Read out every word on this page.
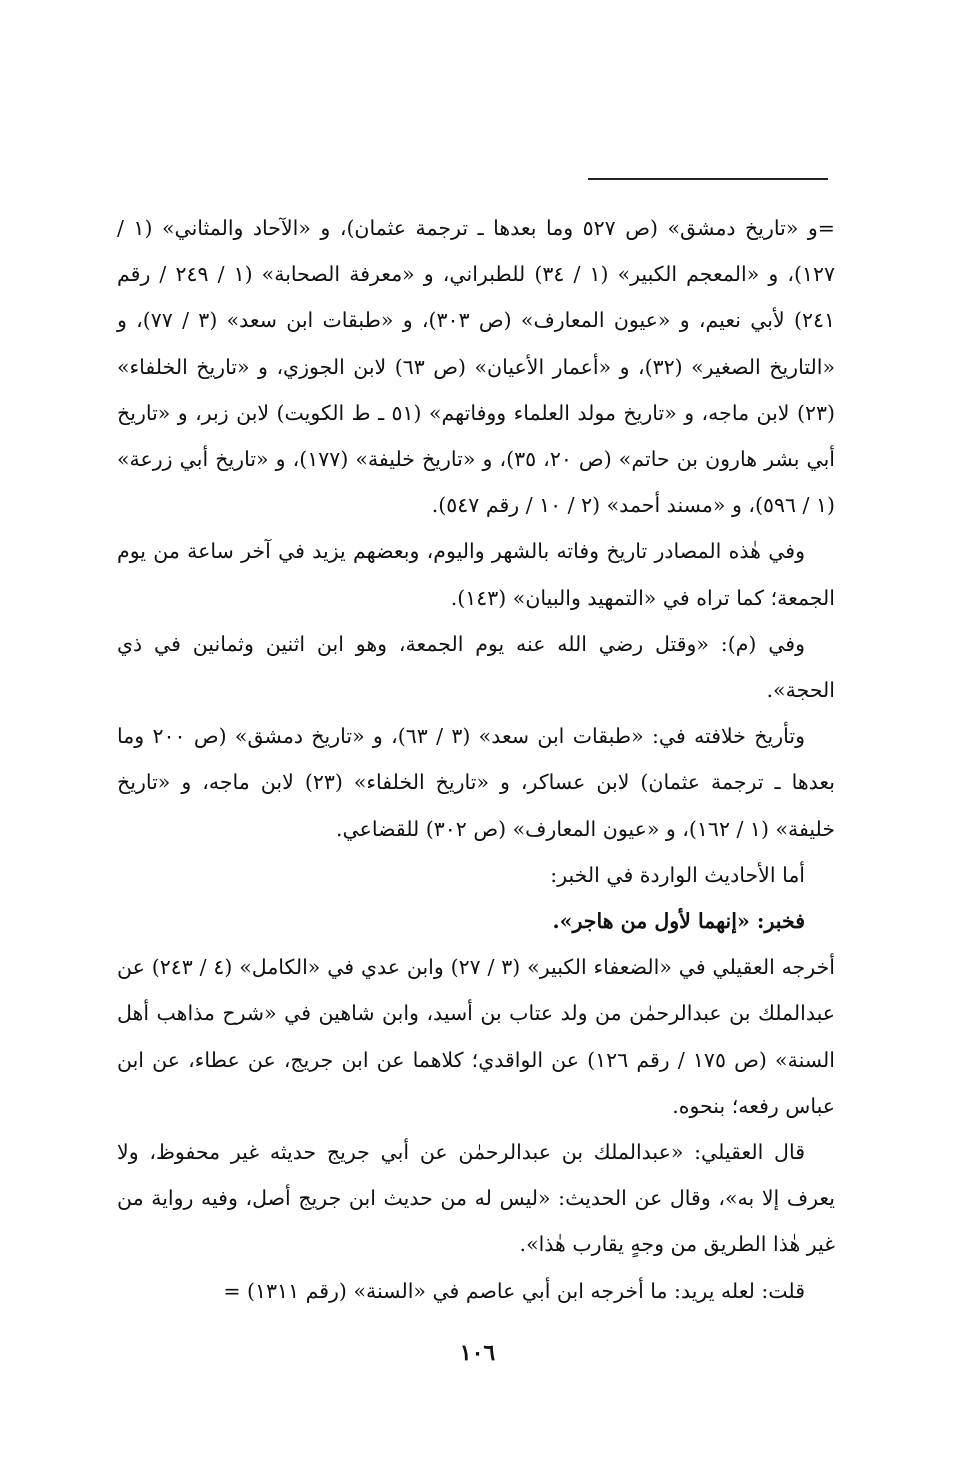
=و «تاريخ دمشق» (ص ٥٢٧ وما بعدها ـ ترجمة عثمان)، و «الآحاد والمثاني» (١ / ١٢٧)، و «المعجم الكبير» (١ / ٣٤) للطبراني، و «معرفة الصحابة» (١ / ٢٤٩ / رقم ٢٤١) لأبي نعيم، و «عيون المعارف» (ص ٣٠٣)، و «طبقات ابن سعد» (٣ / ٧٧)، و «التاريخ الصغير» (٣٢)، و «أعمار الأعيان» (ص ٦٣) لابن الجوزي، و «تاريخ الخلفاء» (٢٣) لابن ماجه، و «تاريخ مولد العلماء ووفاتهم» (٥١ ـ ط الكويت) لابن زبر، و «تاريخ أبي بشر هارون بن حاتم» (ص ٢٠، ٣٥)، و «تاريخ خليفة» (١٧٧)، و «تاريخ أبي زرعة» (١ / ٥٩٦)، و «مسند أحمد» (٢ / ١٠ / رقم ٥٤٧).

وفي هٰذه المصادر تاريخ وفاته بالشهر واليوم، وبعضهم يزيد في آخر ساعة من يوم الجمعة؛ كما تراه في «التمهيد والبيان» (١٤٣).

وفي (م): «وقتل رضي الله عنه يوم الجمعة، وهو ابن اثنين وثمانين في ذي الحجة».

وتأريخ خلافته في: «طبقات ابن سعد» (٣ / ٦٣)، و «تاريخ دمشق» (ص ٢٠٠ وما بعدها ـ ترجمة عثمان) لابن عساكر، و «تاريخ الخلفاء» (٢٣) لابن ماجه، و «تاريخ خليفة» (١ / ١٦٢)، و «عيون المعارف» (ص ٣٠٢) للقضاعي.

أما الأحاديث الواردة في الخبر:

فخبر: «إنهما لأول من هاجر».

أخرجه العقيلي في «الضعفاء الكبير» (٣ / ٢٧) وابن عدي في «الكامل» (٤ / ٢٤٣) عن عبدالملك بن عبدالرحمٰن من ولد عتاب بن أسيد، وابن شاهين في «شرح مذاهب أهل السنة» (ص ١٧٥ / رقم ١٢٦) عن الواقدي؛ كلاهما عن ابن جريج، عن عطاء، عن ابن عباس رفعه؛ بنحوه.

قال العقيلي: «عبدالملك بن عبدالرحمٰن عن أبي جريج حديثه غير محفوظ، ولا يعرف إلا به»، وقال عن الحديث: «ليس له من حديث ابن جريج أصل، وفيه رواية من غير هٰذا الطريق من وجهٍ يقارب هٰذا».

قلت: لعله يريد: ما أخرجه ابن أبي عاصم في «السنة» (رقم ١٣١١) =

١٠٦
